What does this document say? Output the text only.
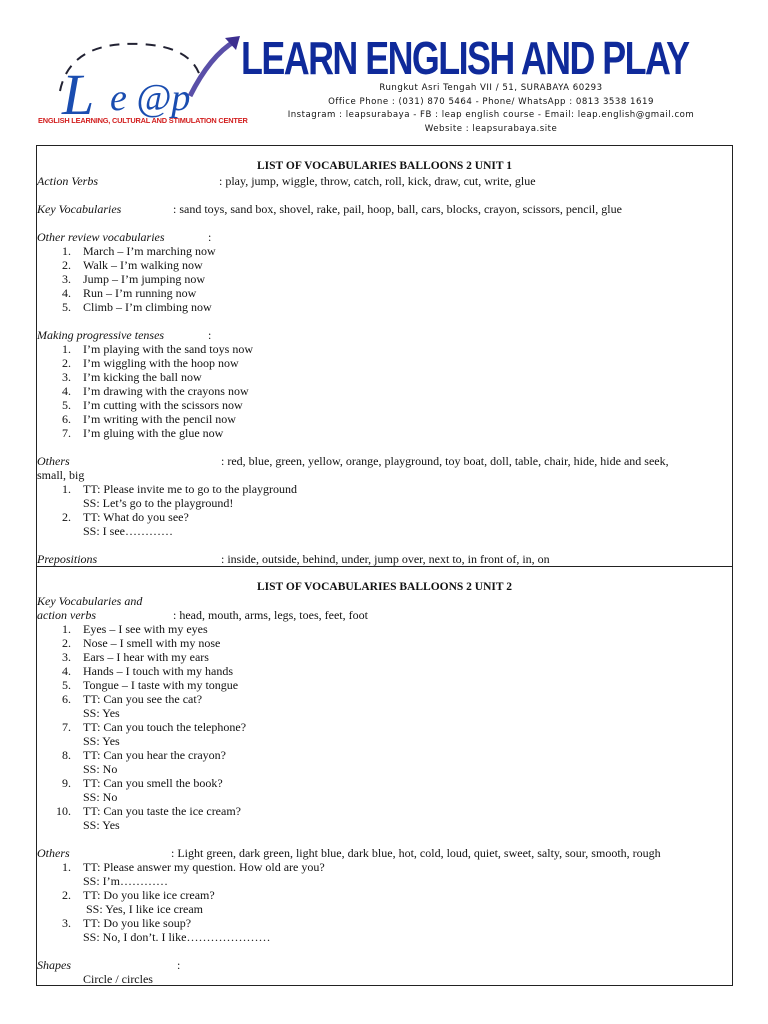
L e @p
ENGLISH LEARNING, CULTURAL AND STIMULATION CENTER
LEARN ENGLISH AND PLAY
Rungkut Asri Tengah VII / 51, SURABAYA 60293
Office Phone : (031) 870 5464 - Phone/ WhatsApp : 0813 3538 1619
Instagram : leapsurabaya - FB : leap english course - Email: leap.english@gmail.com
Website : leapsurabaya.site
LIST OF VOCABULARIES BALLOONS 2 UNIT 1
Action Verbs	: play, jump, wiggle, throw, catch, roll, kick, draw, cut, write, glue
Key Vocabularies	: sand toys, sand box, shovel, rake, pail, hoop, ball, cars, blocks, crayon, scissors, pencil, glue
Other review vocabularies	:
1. March – I’m marching now
2. Walk – I’m walking now
3. Jump – I’m jumping now
4. Run – I’m running now
5. Climb – I’m climbing now
Making progressive tenses	:
1. I’m playing with the sand toys now
2. I’m wiggling with the hoop now
3. I’m kicking the ball now
4. I’m drawing with the crayons now
5. I’m cutting with the scissors now
6. I’m writing with the pencil now
7. I’m gluing with the glue now
Others	: red, blue, green, yellow, orange, playground, toy boat, doll, table, chair, hide, hide and seek,
small, big
1. TT: Please invite me to go to the playground
SS: Let’s go to the playground!
2. TT: What do you see?
SS: I see…………
Prepositions	: inside, outside, behind, under, jump over, next to, in front of, in, on
LIST OF VOCABULARIES BALLOONS 2 UNIT 2
Key Vocabularies and
action verbs	: head, mouth, arms, legs, toes, feet, foot
1. Eyes – I see with my eyes
2. Nose – I smell with my nose
3. Ears – I hear with my ears
4. Hands – I touch with my hands
5. Tongue – I taste with my tongue
6. TT: Can you see the cat?
SS: Yes
7. TT: Can you touch the telephone?
SS: Yes
8. TT: Can you hear the crayon?
SS: No
9. TT: Can you smell the book?
SS: No
10. TT: Can you taste the ice cream?
SS: Yes
Others	: Light green, dark green, light blue, dark blue, hot, cold, loud, quiet, sweet, salty, sour, smooth, rough
1. TT: Please answer my question. How old are you?
SS: I’m…………
2. TT: Do you like ice cream?
SS: Yes, I like ice cream
3. TT: Do you like soup?
SS: No, I don’t. I like…………………
Shapes	:
Circle / circles
